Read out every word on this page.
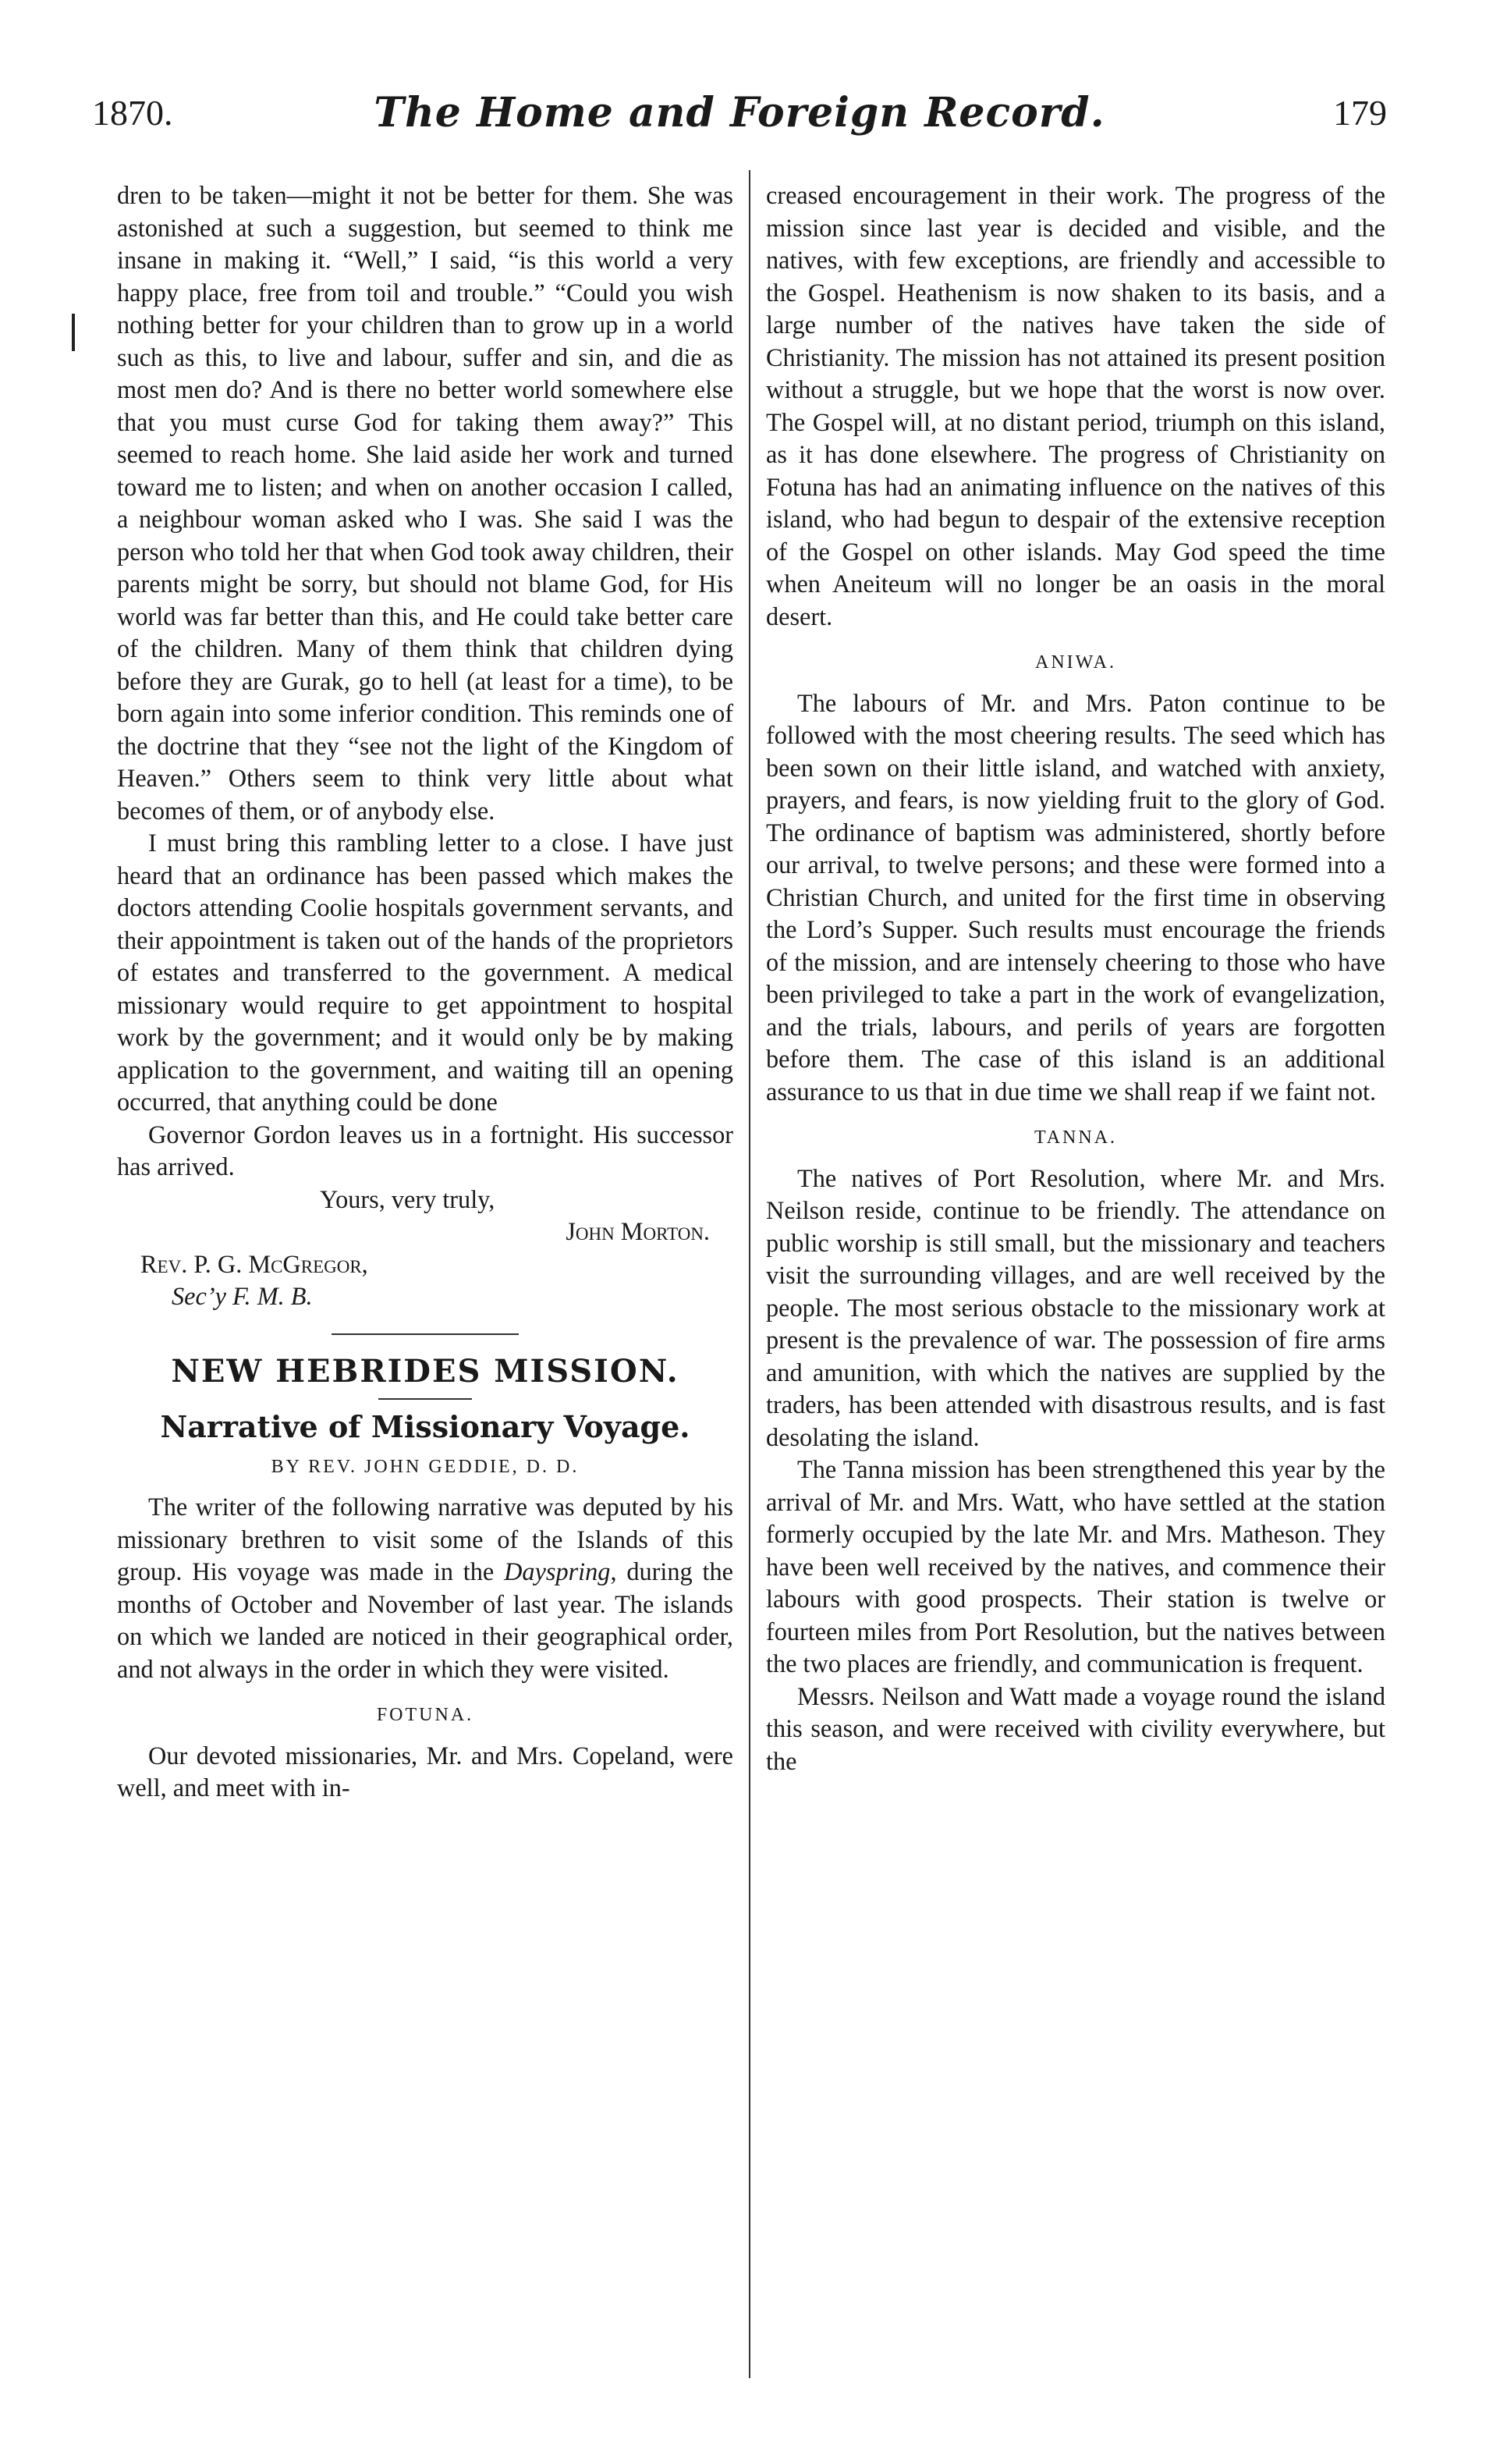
1870.	The Home and Foreign Record.	179

dren to be taken—might it not be better for them. She was astonished at such a suggestion, but seemed to think me insane in making it. “Well,” I said, “is this world a very happy place, free from toil and trouble.” “Could you wish nothing better for your children than to grow up in a world such as this, to live and labour, suffer and sin, and die as most men do? And is there no better world somewhere else that you must curse God for taking them away?” This seemed to reach home. She laid aside her work and turned toward me to listen; and when on another occasion I called, a neighbour woman asked who I was. She said I was the person who told her that when God took away children, their parents might be sorry, but should not blame God, for His world was far better than this, and He could take better care of the children. Many of them think that children dying before they are Gurak, go to hell (at least for a time), to be born again into some inferior condition. This reminds one of the doctrine that they “see not the light of the Kingdom of Heaven.” Others seem to think very little about what becomes of them, or of anybody else.

I must bring this rambling letter to a close. I have just heard that an ordinance has been passed which makes the doctors attending Coolie hospitals government servants, and their appointment is taken out of the hands of the proprietors of estates and transferred to the government. A medical missionary would require to get appointment to hospital work by the government; and it would only be by making application to the government, and waiting till an opening occurred, that anything could be done

Governor Gordon leaves us in a fortnight. His successor has arrived.

Yours, very truly,

John Morton.

Rev. P. G. McGregor,

Sec’y F. M. B.

NEW HEBRIDES MISSION.
Narrative of Missionary Voyage.
BY REV. JOHN GEDDIE, D. D.

The writer of the following narrative was deputed by his missionary brethren to visit some of the Islands of this group. His voyage was made in the Dayspring, during the months of October and November of last year. The islands on which we landed are noticed in their geographical order, and not always in the order in which they were visited.

FOTUNA.

Our devoted missionaries, Mr. and Mrs. Copeland, were well, and meet with in-

creased encouragement in their work. The progress of the mission since last year is decided and visible, and the natives, with few exceptions, are friendly and accessible to the Gospel. Heathenism is now shaken to its basis, and a large number of the natives have taken the side of Christianity. The mission has not attained its present position without a struggle, but we hope that the worst is now over. The Gospel will, at no distant period, triumph on this island, as it has done elsewhere. The progress of Christianity on Fotuna has had an animating influence on the natives of this island, who had begun to despair of the extensive reception of the Gospel on other islands. May God speed the time when Aneiteum will no longer be an oasis in the moral desert.

ANIWA.

The labours of Mr. and Mrs. Paton continue to be followed with the most cheering results. The seed which has been sown on their little island, and watched with anxiety, prayers, and fears, is now yielding fruit to the glory of God. The ordinance of baptism was administered, shortly before our arrival, to twelve persons; and these were formed into a Christian Church, and united for the first time in observing the Lord’s Supper. Such results must encourage the friends of the mission, and are intensely cheering to those who have been privileged to take a part in the work of evangelization, and the trials, labours, and perils of years are forgotten before them. The case of this island is an additional assurance to us that in due time we shall reap if we faint not.

TANNA.

The natives of Port Resolution, where Mr. and Mrs. Neilson reside, continue to be friendly. The attendance on public worship is still small, but the missionary and teachers visit the surrounding villages, and are well received by the people. The most serious obstacle to the missionary work at present is the prevalence of war. The possession of fire arms and amunition, with which the natives are supplied by the traders, has been attended with disastrous results, and is fast desolating the island.

The Tanna mission has been strengthened this year by the arrival of Mr. and Mrs. Watt, who have settled at the station formerly occupied by the late Mr. and Mrs. Matheson. They have been well received by the natives, and commence their labours with good prospects. Their station is twelve or fourteen miles from Port Resolution, but the natives between the two places are friendly, and communication is frequent.

Messrs. Neilson and Watt made a voyage round the island this season, and were received with civility everywhere, but the
